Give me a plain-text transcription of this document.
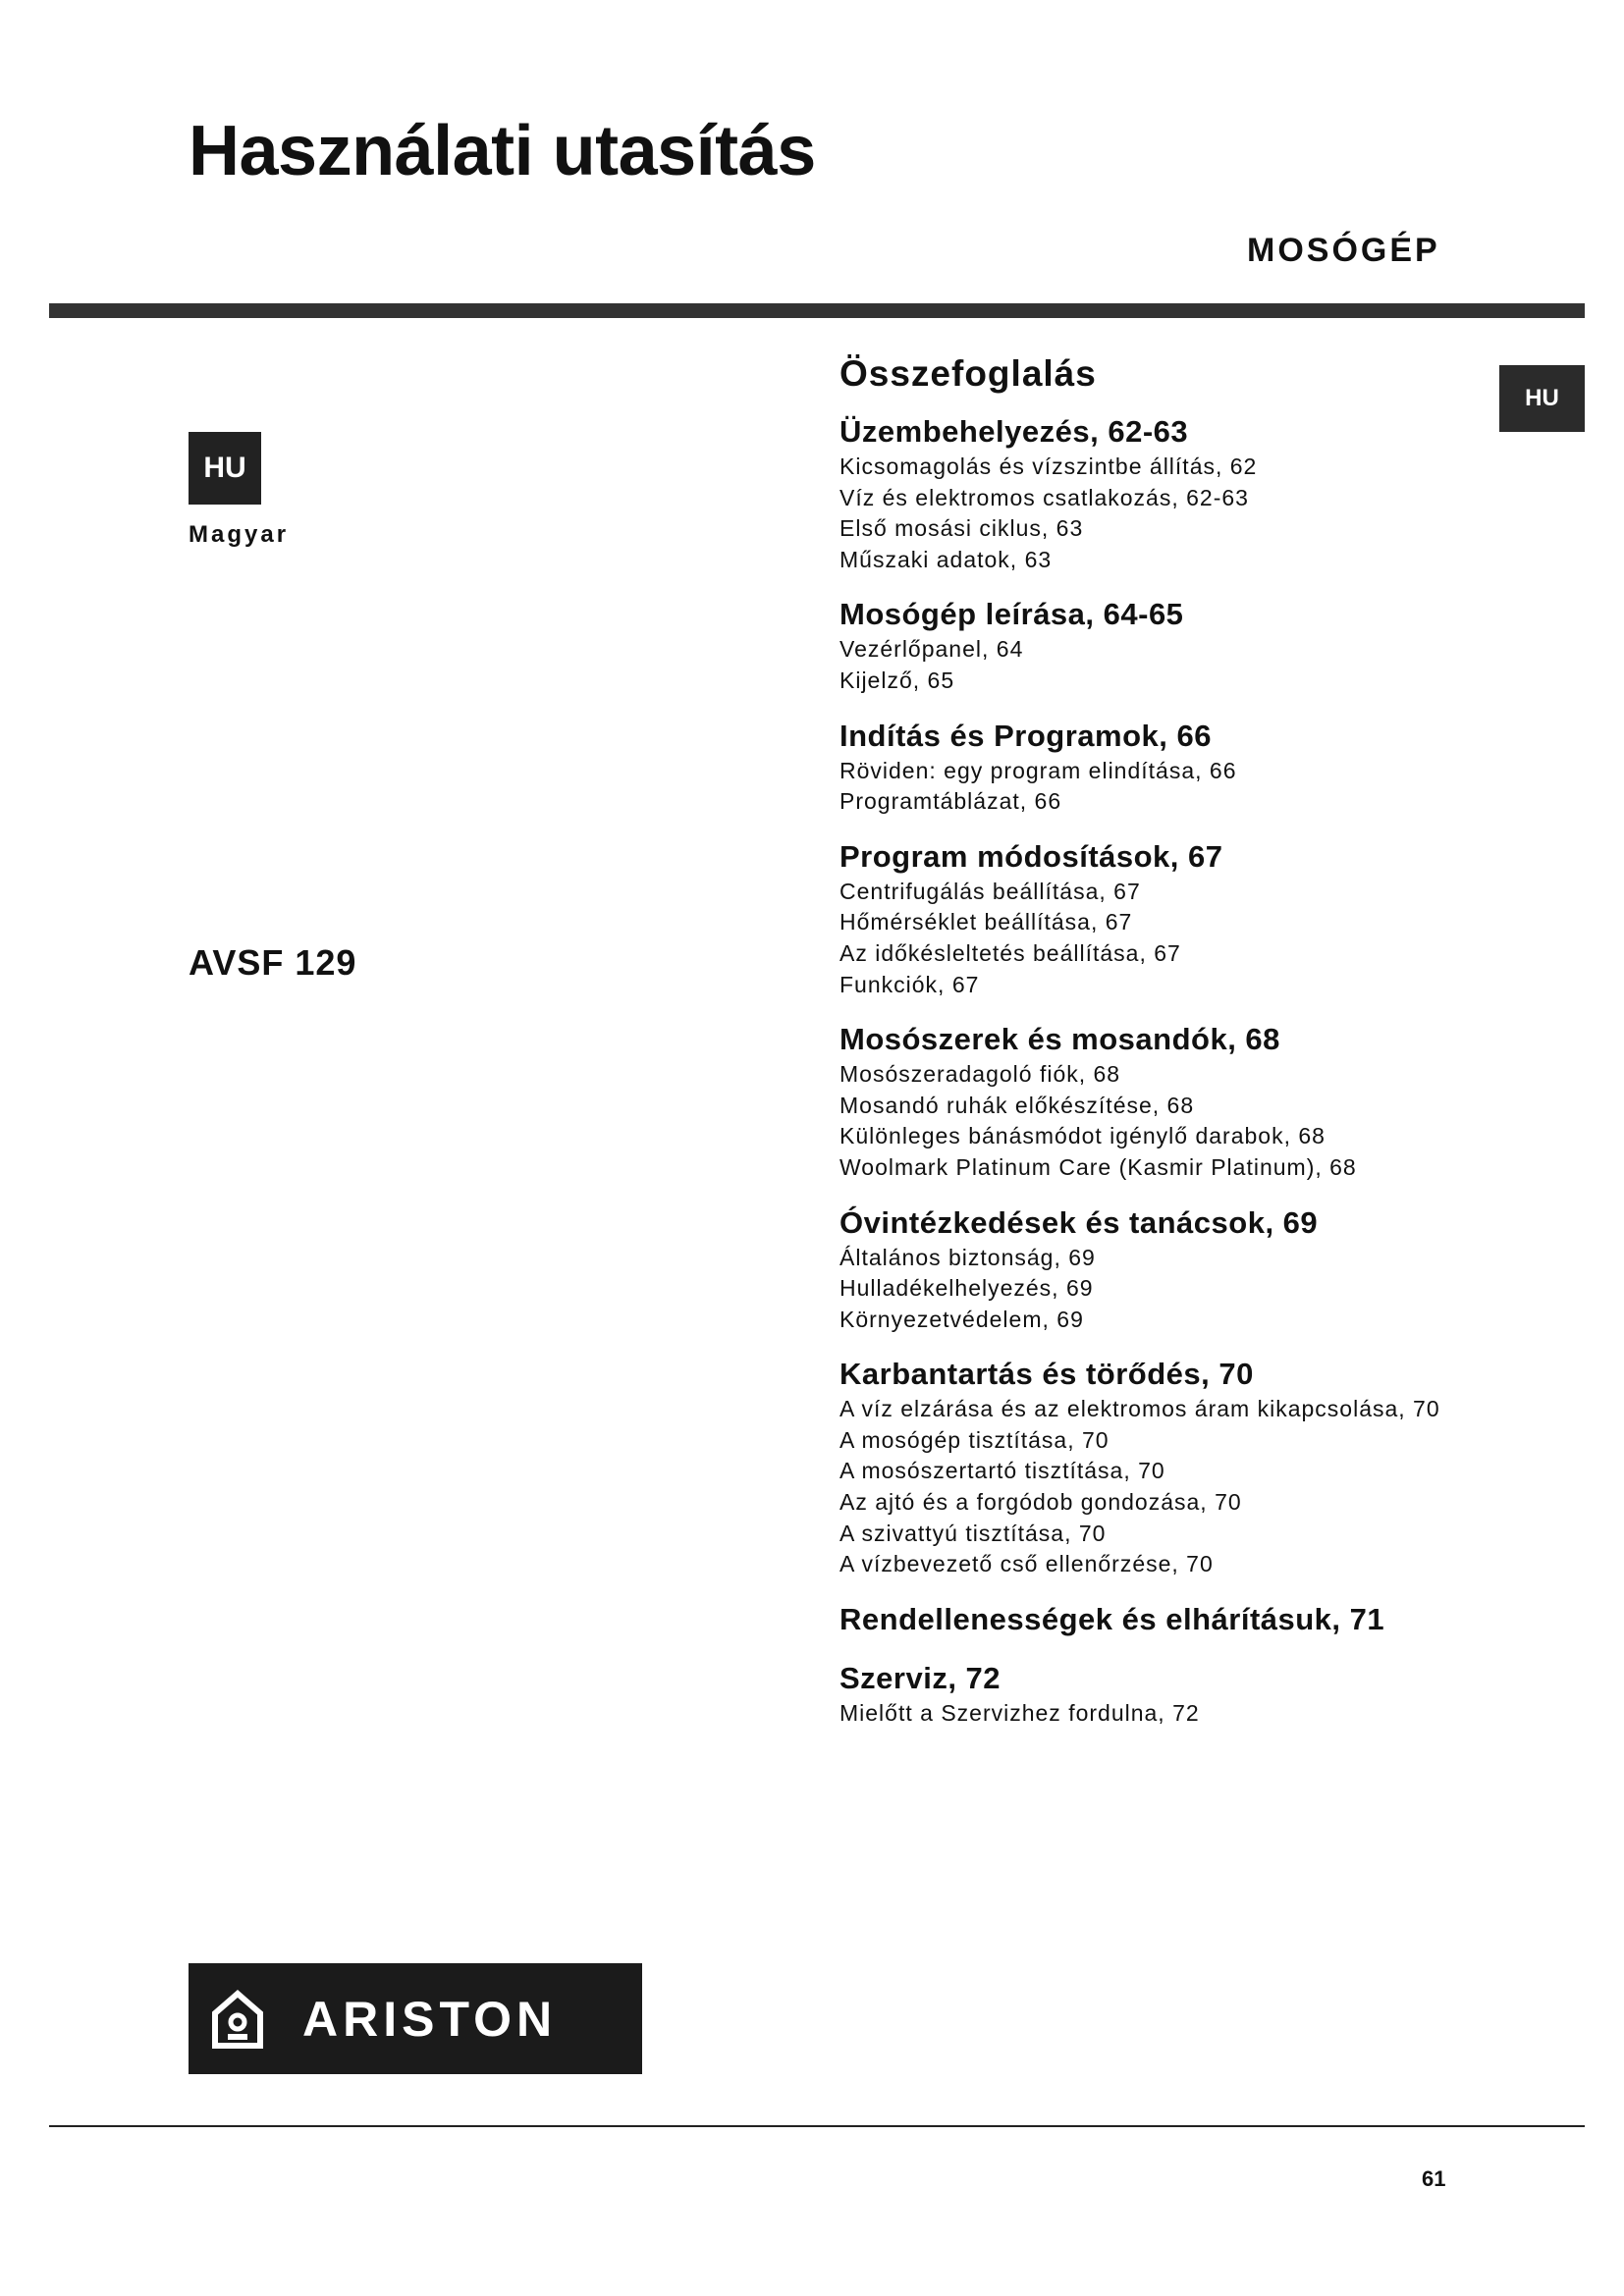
Használati utasítás
MOSÓGÉP
HU
Magyar
AVSF 129
HU
Összefoglalás
Üzembehelyezés, 62-63
Kicsomagolás és vízszintbe állítás, 62
Víz és elektromos csatlakozás, 62-63
Első mosási ciklus, 63
Műszaki adatok, 63
Mosógép leírása, 64-65
Vezérlőpanel, 64
Kijelző, 65
Indítás és Programok, 66
Röviden: egy program elindítása, 66
Programtáblázat, 66
Program módosítások, 67
Centrifugálás beállítása, 67
Hőmérséklet beállítása, 67
Az időkésleltetés beállítása, 67
Funkciók, 67
Mosószerek és mosandók, 68
Mosószeradagoló fiók, 68
Mosandó ruhák előkészítése, 68
Különleges bánásmódot igénylő darabok, 68
Woolmark Platinum Care (Kasmir Platinum), 68
Óvintézkedések és tanácsok, 69
Általános biztonság, 69
Hulladékelhelyezés, 69
Környezetvédelem, 69
Karbantartás és törődés, 70
A víz elzárása és az elektromos áram kikapcsolása, 70
A mosógép tisztítása, 70
A mosószertartó tisztítása, 70
Az ajtó és a forgódob gondozása, 70
A szivattyú tisztítása, 70
A vízbevezető cső ellenőrzése, 70
Rendellenességek és elhárításuk, 71
Szerviz, 72
Mielőtt a Szervizhez fordulna, 72
ARISTON
61
